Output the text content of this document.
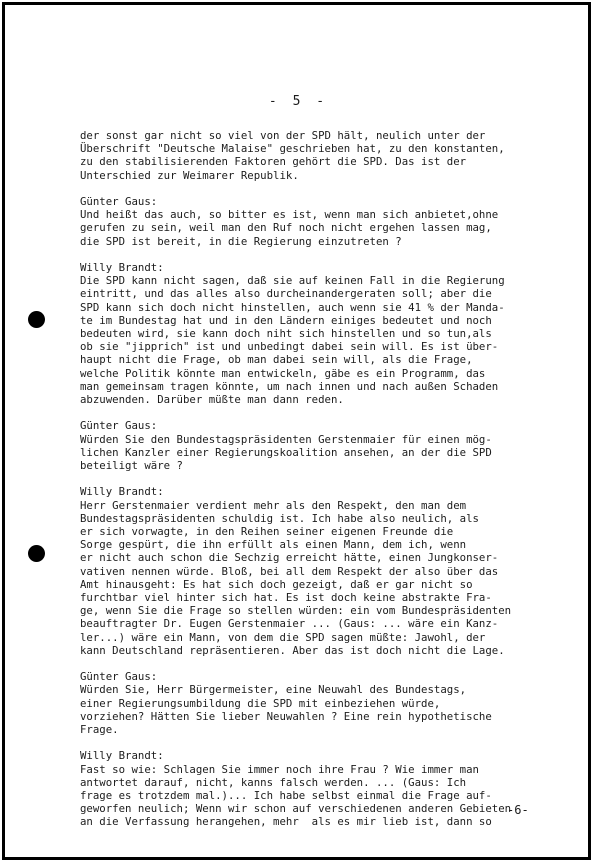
- 5 -
der sonst gar nicht so viel von der SPD hält, neulich unter der
Überschrift "Deutsche Malaise" geschrieben hat, zu den konstanten,
zu den stabilisierenden Faktoren gehört die SPD. Das ist der
Unterschied zur Weimarer Republik.
Günter Gaus:
Und heißt das auch, so bitter es ist, wenn man sich anbietet,ohne
gerufen zu sein, weil man den Ruf noch nicht ergehen lassen mag,
die SPD ist bereit, in die Regierung einzutreten ?
Willy Brandt:
Die SPD kann nicht sagen, daß sie auf keinen Fall in die Regierung
eintritt, und das alles also durcheinandergeraten soll; aber die
SPD kann sich doch nicht hinstellen, auch wenn sie 41 % der Manda-
te im Bundestag hat und in den Ländern einiges bedeutet und noch
bedeuten wird, sie kann doch niht sich hinstellen und so tun,als
ob sie "jipprich" ist und unbedingt dabei sein will. Es ist über-
haupt nicht die Frage, ob man dabei sein will, als die Frage,
welche Politik könnte man entwickeln, gäbe es ein Programm, das
man gemeinsam tragen könnte, um nach innen und nach außen Schaden
abzuwenden. Darüber müßte man dann reden.
Günter Gaus:
Würden Sie den Bundestagspräsidenten Gerstenmaier für einen mög-
lichen Kanzler einer Regierungskoalition ansehen, an der die SPD
beteiligt wäre ?
Willy Brandt:
Herr Gerstenmaier verdient mehr als den Respekt, den man dem
Bundestagspräsidenten schuldig ist. Ich habe also neulich, als
er sich vorwagte, in den Reihen seiner eigenen Freunde die
Sorge gespürt, die ihn erfüllt als einen Mann, dem ich, wenn
er nicht auch schon die Sechzig erreicht hätte, einen Jungkonser-
vativen nennen würde. Bloß, bei all dem Respekt der also über das
Amt hinausgeht: Es hat sich doch gezeigt, daß er gar nicht so
furchtbar viel hinter sich hat. Es ist doch keine abstrakte Fra-
ge, wenn Sie die Frage so stellen würden: ein vom Bundespräsidenten
beauftragter Dr. Eugen Gerstenmaier ... (Gaus: ... wäre ein Kanz-
ler...) wäre ein Mann, von dem die SPD sagen müßte: Jawohl, der
kann Deutschland repräsentieren. Aber das ist doch nicht die Lage.
Günter Gaus:
Würden Sie, Herr Bürgermeister, eine Neuwahl des Bundestags,
einer Regierungsumbildung die SPD mit einbeziehen würde,
vorziehen? Hätten Sie lieber Neuwahlen ? Eine rein hypothetische
Frage.
Willy Brandt:
Fast so wie: Schlagen Sie immer noch ihre Frau ? Wie immer man
antwortet darauf, nicht, kanns falsch werden. ... (Gaus: Ich
frage es trotzdem mal.)... Ich habe selbst einmal die Frage auf-
geworfen neulich; Wenn wir schon auf verschiedenen anderen Gebieten
an die Verfassung herangehen, mehr  als es mir lieb ist, dann so
-6-
